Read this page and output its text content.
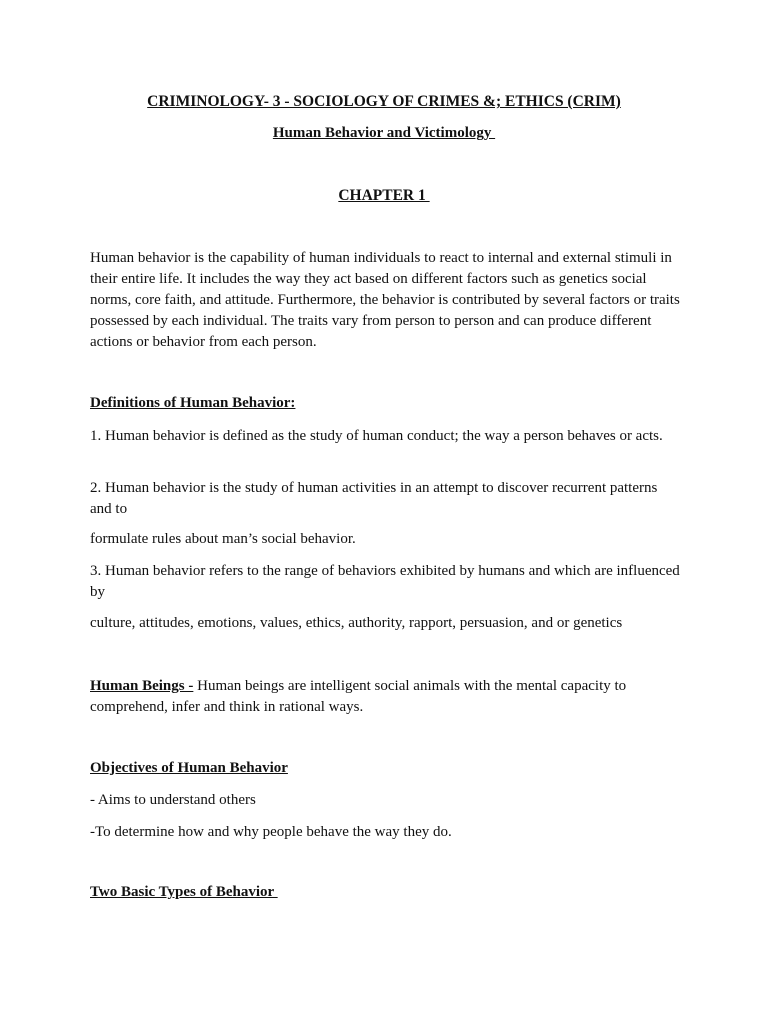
CRIMINOLOGY- 3 - SOCIOLOGY OF CRIMES &; ETHICS (CRIM)
Human Behavior and Victimology
CHAPTER 1

Human behavior is the capability of human individuals to react to internal and external stimuli in their entire life. It includes the way they act based on different factors such as genetics social norms, core faith, and attitude. Furthermore, the behavior is contributed by several factors or traits possessed by each individual. The traits vary from person to person and can produce different actions or behavior from each person.

Definitions of Human Behavior:

1. Human behavior is defined as the study of human conduct; the way a person behaves or acts.

2. Human behavior is the study of human activities in an attempt to discover recurrent patterns and to

formulate rules about man’s social behavior.

3. Human behavior refers to the range of behaviors exhibited by humans and which are influenced by

culture, attitudes, emotions, values, ethics, authority, rapport, persuasion, and or genetics

Human Beings - Human beings are intelligent social animals with the mental capacity to comprehend, infer and think in rational ways.

Objectives of Human Behavior

- Aims to understand others

-To determine how and why people behave the way they do.

Two Basic Types of Behavior
